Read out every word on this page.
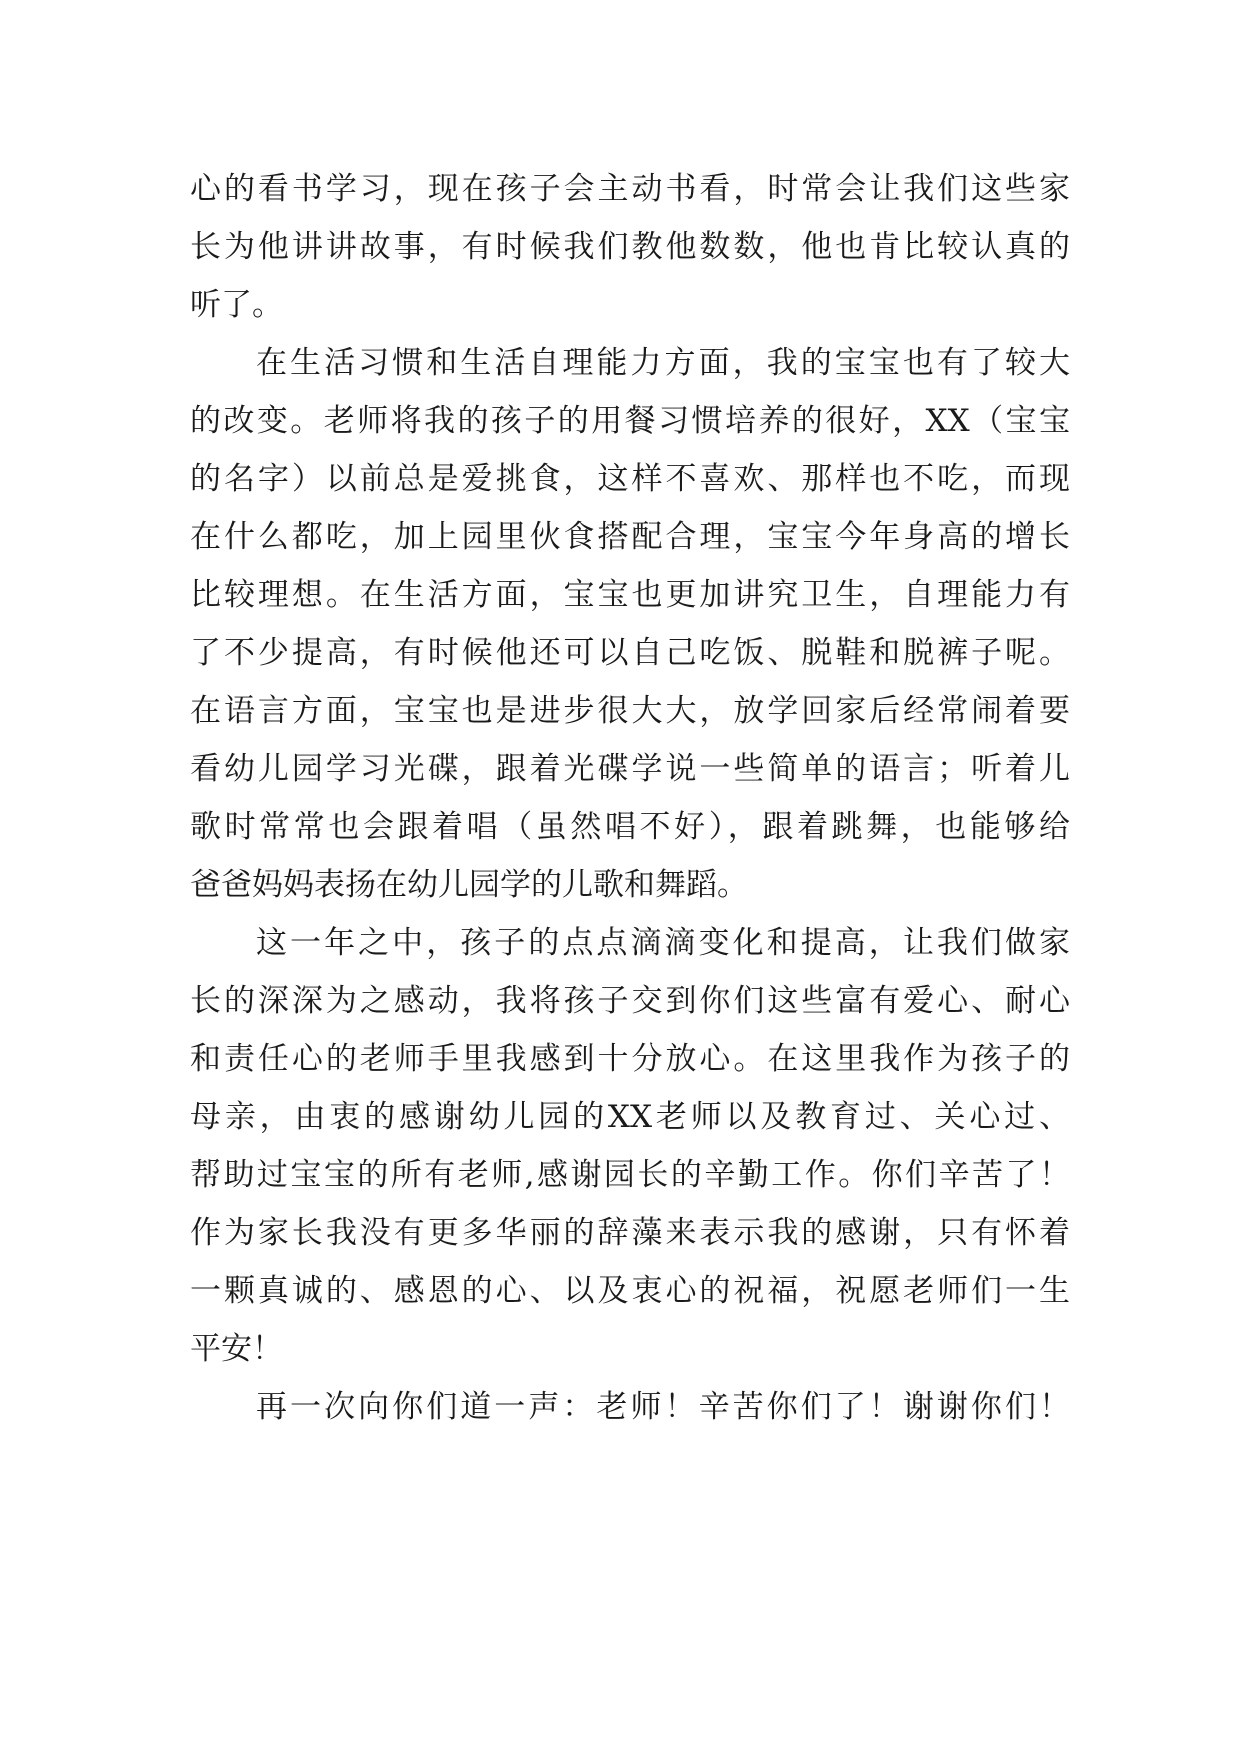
心的看书学习，现在孩子会主动书看，时常会让我们这些家
长为他讲讲故事，有时候我们教他数数，他也肯比较认真的
听了。
在生活习惯和生活自理能力方面，我的宝宝也有了较大
的改变。老师将我的孩子的用餐习惯培养的很好，XX（宝宝
的名字）以前总是爱挑食，这样不喜欢、那样也不吃，而现
在什么都吃，加上园里伙食搭配合理，宝宝今年身高的增长
比较理想。在生活方面，宝宝也更加讲究卫生，自理能力有
了不少提高，有时候他还可以自己吃饭、脱鞋和脱裤子呢。
在语言方面，宝宝也是进步很大大，放学回家后经常闹着要
看幼儿园学习光碟，跟着光碟学说一些简单的语言；听着儿
歌时常常也会跟着唱（虽然唱不好），跟着跳舞，也能够给
爸爸妈妈表扬在幼儿园学的儿歌和舞蹈。
这一年之中，孩子的点点滴滴变化和提高，让我们做家
长的深深为之感动，我将孩子交到你们这些富有爱心、耐心
和责任心的老师手里我感到十分放心。在这里我作为孩子的
母亲，由衷的感谢幼儿园的XX老师以及教育过、关心过、
帮助过宝宝的所有老师,感谢园长的辛勤工作。你们辛苦了！
作为家长我没有更多华丽的辞藻来表示我的感谢，只有怀着
一颗真诚的、感恩的心、以及衷心的祝福，祝愿老师们一生
平安！
再一次向你们道一声：老师！辛苦你们了！谢谢你们！
